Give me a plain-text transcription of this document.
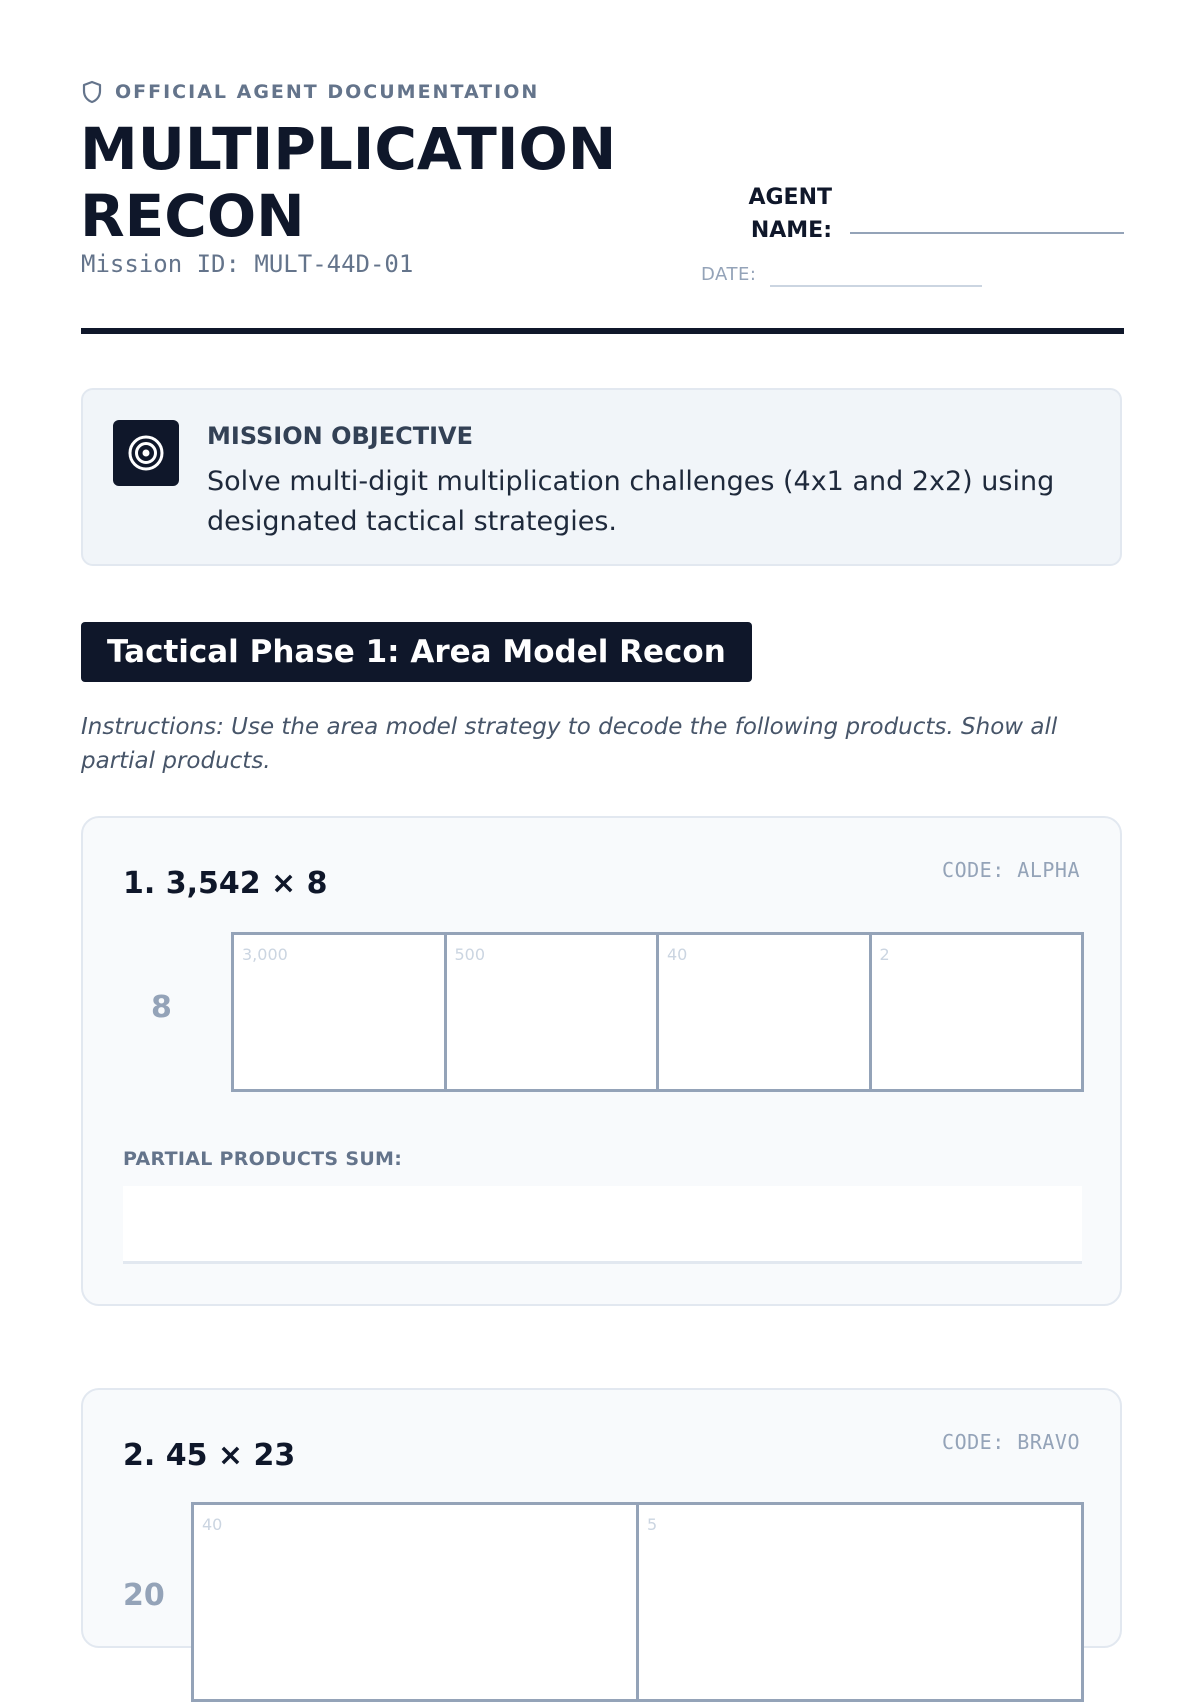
OFFICIAL AGENT DOCUMENTATION
MULTIPLICATION RECON
Mission ID: MULT-44D-01
AGENT NAME:
DATE:
MISSION OBJECTIVE
Solve multi-digit multiplication challenges (4x1 and 2x2) using designated tactical strategies.
Tactical Phase 1: Area Model Recon
Instructions: Use the area model strategy to decode the following products. Show all partial products.
1. 3,542 × 8	CODE: ALPHA
8
3,000	500	40	2
PARTIAL PRODUCTS SUM:
2. 45 × 23	CODE: BRAVO
20
40	5
